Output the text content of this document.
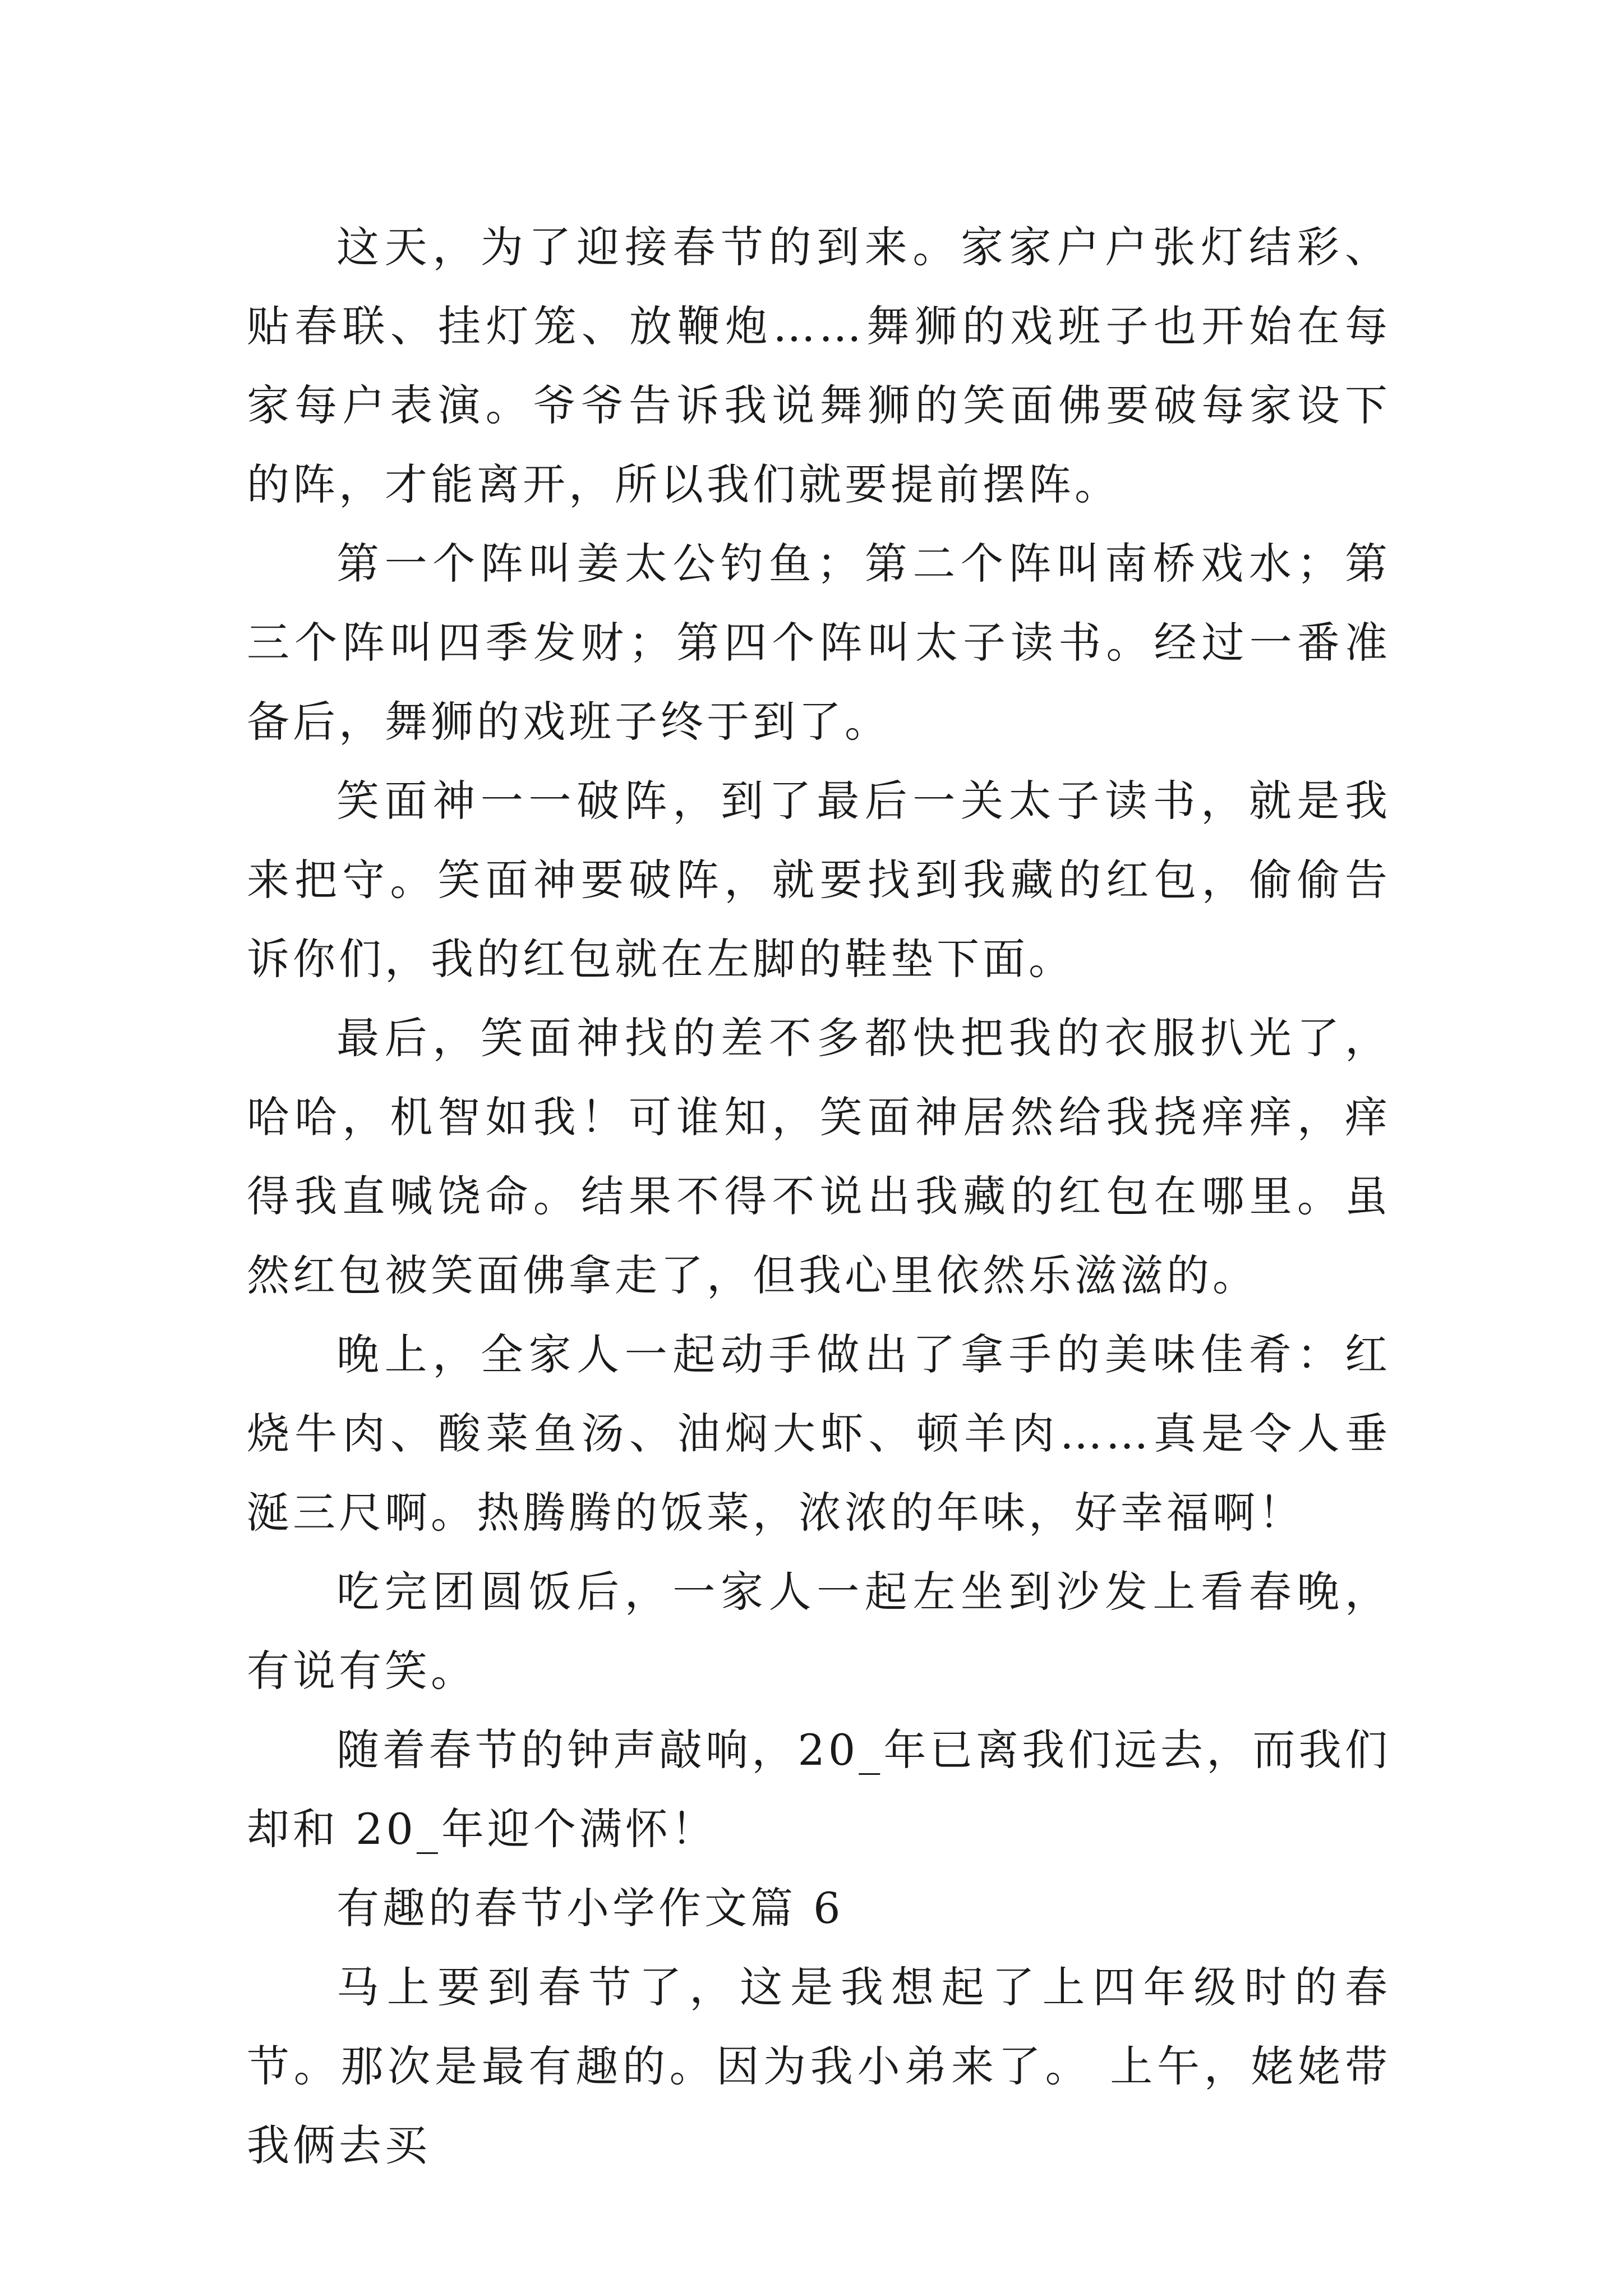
这天，为了迎接春节的到来。家家户户张灯结彩、贴春联、挂灯笼、放鞭炮……舞狮的戏班子也开始在每家每户表演。爷爷告诉我说舞狮的笑面佛要破每家设下的阵，才能离开，所以我们就要提前摆阵。

第一个阵叫姜太公钓鱼；第二个阵叫南桥戏水；第三个阵叫四季发财；第四个阵叫太子读书。经过一番准备后，舞狮的戏班子终于到了。

笑面神一一破阵，到了最后一关太子读书，就是我来把守。笑面神要破阵，就要找到我藏的红包，偷偷告诉你们，我的红包就在左脚的鞋垫下面。

最后，笑面神找的差不多都快把我的衣服扒光了，哈哈，机智如我！可谁知，笑面神居然给我挠痒痒，痒得我直喊饶命。结果不得不说出我藏的红包在哪里。虽然红包被笑面佛拿走了，但我心里依然乐滋滋的。

晚上，全家人一起动手做出了拿手的美味佳肴：红烧牛肉、酸菜鱼汤、油焖大虾、顿羊肉……真是令人垂涎三尺啊。热腾腾的饭菜，浓浓的年味，好幸福啊！

吃完团圆饭后，一家人一起左坐到沙发上看春晚，有说有笑。

随着春节的钟声敲响，20_年已离我们远去，而我们却和 20_年迎个满怀！

有趣的春节小学作文篇 6

马上要到春节了，这是我想起了上四年级时的春节。那次是最有趣的。因为我小弟来了。 上午，姥姥带我俩去买
